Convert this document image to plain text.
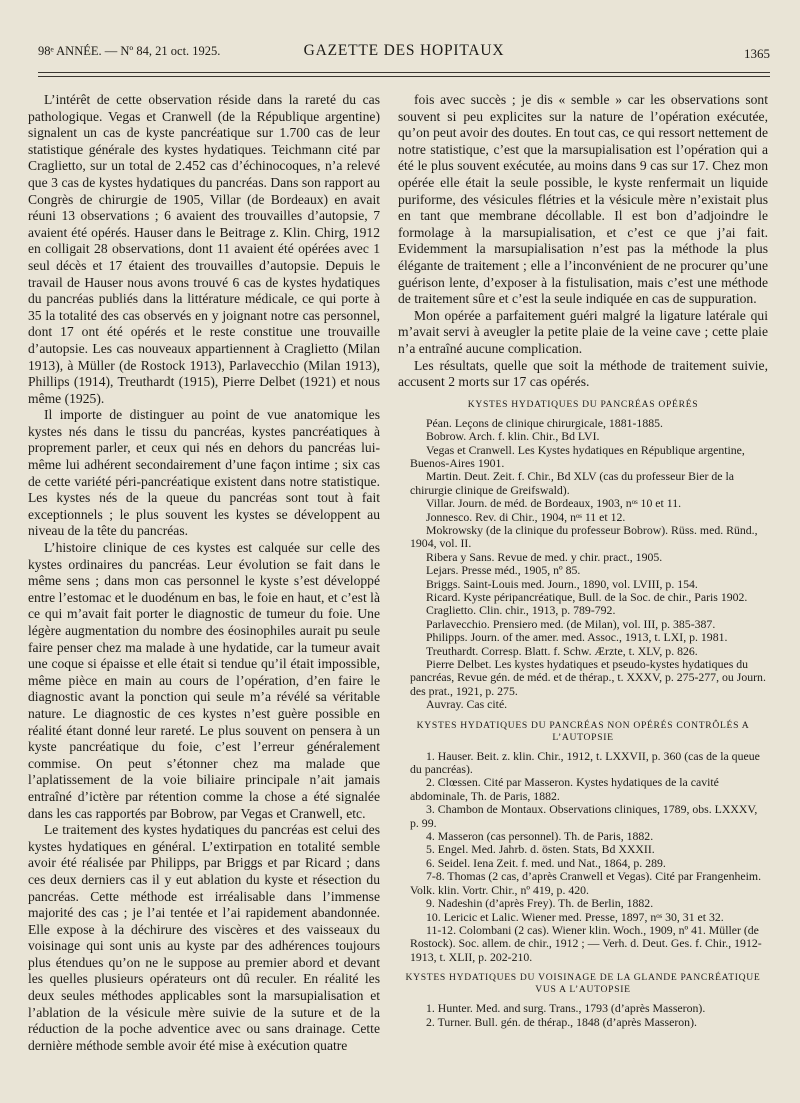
98ᵉ ANNÉE. — Nº 84, 21 oct. 1925.	GAZETTE DES HOPITAUX	1365

L’intérêt de cette observation réside dans la rareté du cas pathologique. Vegas et Cranwell (de la République argentine) signalent un cas de kyste pancréatique sur 1.700 cas de leur statistique générale des kystes hydatiques. Teichmann cité par Craglietto, sur un total de 2.452 cas d’échinocoques, n’a relevé que 3 cas de kystes hydatiques du pancréas. Dans son rapport au Congrès de chirurgie de 1905, Villar (de Bordeaux) en avait réuni 13 observations ; 6 avaient des trouvailles d’autopsie, 7 avaient été opérés. Hauser dans le Beitrage z. Klin. Chirg, 1912 en colligait 28 observations, dont 11 avaient été opérées avec 1 seul décès et 17 étaient des trouvailles d’autopsie. Depuis le travail de Hauser nous avons trouvé 6 cas de kystes hydatiques du pancréas publiés dans la littérature médicale, ce qui porte à 35 la totalité des cas observés en y joignant notre cas personnel, dont 17 ont été opérés et le reste constitue une trouvaille d’autopsie. Les cas nouveaux appartiennent à Craglietto (Milan 1913), à Müller (de Rostock 1913), Parlavecchio (Milan 1913), Phillips (1914), Treuthardt (1915), Pierre Delbet (1921) et nous même (1925).

Il importe de distinguer au point de vue anatomique les kystes nés dans le tissu du pancréas, kystes pancréatiques à proprement parler, et ceux qui nés en dehors du pancréas lui-même lui adhérent secondairement d’une façon intime ; six cas de cette variété péri-pancréatique existent dans notre statistique. Les kystes nés de la queue du pancréas sont tout à fait exceptionnels ; le plus souvent les kystes se développent au niveau de la tête du pancréas.

L’histoire clinique de ces kystes est calquée sur celle des kystes ordinaires du pancréas. Leur évolution se fait dans le même sens ; dans mon cas personnel le kyste s’est développé entre l’estomac et le duodénum en bas, le foie en haut, et c’est là ce qui m’avait fait porter le diagnostic de tumeur du foie. Une légère augmentation du nombre des éosinophiles aurait pu seule faire penser chez ma malade à une hydatide, car la tumeur avait une coque si épaisse et elle était si tendue qu’il était impossible, même pièce en main au cours de l’opération, d’en faire le diagnostic avant la ponction qui seule m’a révélé sa véritable nature. Le diagnostic de ces kystes n’est guère possible en réalité étant donné leur rareté. Le plus souvent on pensera à un kyste pancréatique du foie, c’est l’erreur généralement commise. On peut s’étonner chez ma malade que l’aplatissement de la voie biliaire principale n’ait jamais entraîné d’ictère par rétention comme la chose a été signalée dans les cas rapportés par Bobrow, par Vegas et Cranwell, etc.

Le traitement des kystes hydatiques du pancréas est celui des kystes hydatiques en général. L’extirpation en totalité semble avoir été réalisée par Philipps, par Briggs et par Ricard ; dans ces deux derniers cas il y eut ablation du kyste et résection du pancréas. Cette méthode est irréalisable dans l’immense majorité des cas ; je l’ai tentée et l’ai rapidement abandonnée. Elle expose à la déchirure des viscères et des vaisseaux du voisinage qui sont unis au kyste par des adhérences toujours plus étendues qu’on ne le suppose au premier abord et devant les quelles plusieurs opérateurs ont dû reculer. En réalité les deux seules méthodes applicables sont la marsupialisation et l’ablation de la vésicule mère suivie de la suture et de la réduction de la poche adventice avec ou sans drainage. Cette dernière méthode semble avoir été mise à exécution quatre

fois avec succès ; je dis « semble » car les observations sont souvent si peu explicites sur la nature de l’opération exécutée, qu’on peut avoir des doutes. En tout cas, ce qui ressort nettement de notre statistique, c’est que la marsupialisation est l’opération qui a été le plus souvent exécutée, au moins dans 9 cas sur 17. Chez mon opérée elle était la seule possible, le kyste renfermait un liquide puriforme, des vésicules flétries et la vésicule mère n’existait plus en tant que membrane décollable. Il est bon d’adjoindre le formolage à la marsupialisation, et c’est ce que j’ai fait. Evidemment la marsupialisation n’est pas la méthode la plus élégante de traitement ; elle a l’inconvénient de ne procurer qu’une guérison lente, d’exposer à la fistulisation, mais c’est une méthode de traitement sûre et c’est la seule indiquée en cas de suppuration.

Mon opérée a parfaitement guéri malgré la ligature latérale qui m’avait servi à aveugler la petite plaie de la veine cave ; cette plaie n’a entraîné aucune complication.

Les résultats, quelle que soit la méthode de traitement suivie, accusent 2 morts sur 17 cas opérés.

KYSTES HYDATIQUES DU PANCRÉAS OPÉRÉS

Péan. Leçons de clinique chirurgicale, 1881-1885.

Bobrow. Arch. f. klin. Chir., Bd LVI.

Vegas et Cranwell. Les Kystes hydatiques en République argentine, Buenos-Aires 1901.

Martin. Deut. Zeit. f. Chir., Bd XLV (cas du professeur Bier de la chirurgie clinique de Greifswald).

Villar. Journ. de méd. de Bordeaux, 1903, nᵒˢ 10 et 11.

Jonnesco. Rev. di Chir., 1904, nᵒˢ 11 et 12.

Mokrowsky (de la clinique du professeur Bobrow). Rüss. med. Ründ., 1904, vol. II.

Ribera y Sans. Revue de med. y chir. pract., 1905.

Lejars. Presse méd., 1905, nº 85.

Briggs. Saint-Louis med. Journ., 1890, vol. LVIII, p. 154.

Ricard. Kyste péripancréatique, Bull. de la Soc. de chir., Paris 1902.

Craglietto. Clin. chir., 1913, p. 789-792.

Parlavecchio. Prensiero med. (de Milan), vol. III, p. 385-387.

Philipps. Journ. of the amer. med. Assoc., 1913, t. LXI, p. 1981.

Treuthardt. Corresp. Blatt. f. Schw. Ærzte, t. XLV, p. 826.

Pierre Delbet. Les kystes hydatiques et pseudo-kystes hydatiques du pancréas, Revue gén. de méd. et de thérap., t. XXXV, p. 275-277, ou Journ. des prat., 1921, p. 275.

Auvray. Cas cité.

KYSTES HYDATIQUES DU PANCRÉAS NON OPÉRÉS CONTRÔLÉS A L’AUTOPSIE

1. Hauser. Beit. z. klin. Chir., 1912, t. LXXVII, p. 360 (cas de la queue du pancréas).

2. Clœssen. Cité par Masseron. Kystes hydatiques de la cavité abdominale, Th. de Paris, 1882.

3. Chambon de Montaux. Observations cliniques, 1789, obs. LXXXV, p. 99.

4. Masseron (cas personnel). Th. de Paris, 1882.

5. Engel. Med. Jahrb. d. östen. Stats, Bd XXXII.

6. Seidel. Iena Zeit. f. med. und Nat., 1864, p. 289.

7-8. Thomas (2 cas, d’après Cranwell et Vegas). Cité par Frangenheim. Volk. klin. Vortr. Chir., nº 419, p. 420.

9. Nadeshin (d’après Frey). Th. de Berlin, 1882.

10. Lericic et Lalic. Wiener med. Presse, 1897, nᵒˢ 30, 31 et 32.

11-12. Colombani (2 cas). Wiener klin. Woch., 1909, nº 41. Müller (de Rostock). Soc. allem. de chir., 1912 ; — Verh. d. Deut. Ges. f. Chir., 1912-1913, t. XLII, p. 202-210.

KYSTES HYDATIQUES DU VOISINAGE DE LA GLANDE PANCRÉATIQUE VUS A L’AUTOPSIE

1. Hunter. Med. and surg. Trans., 1793 (d’après Masseron).

2. Turner. Bull. gén. de thérap., 1848 (d’après Masseron).
